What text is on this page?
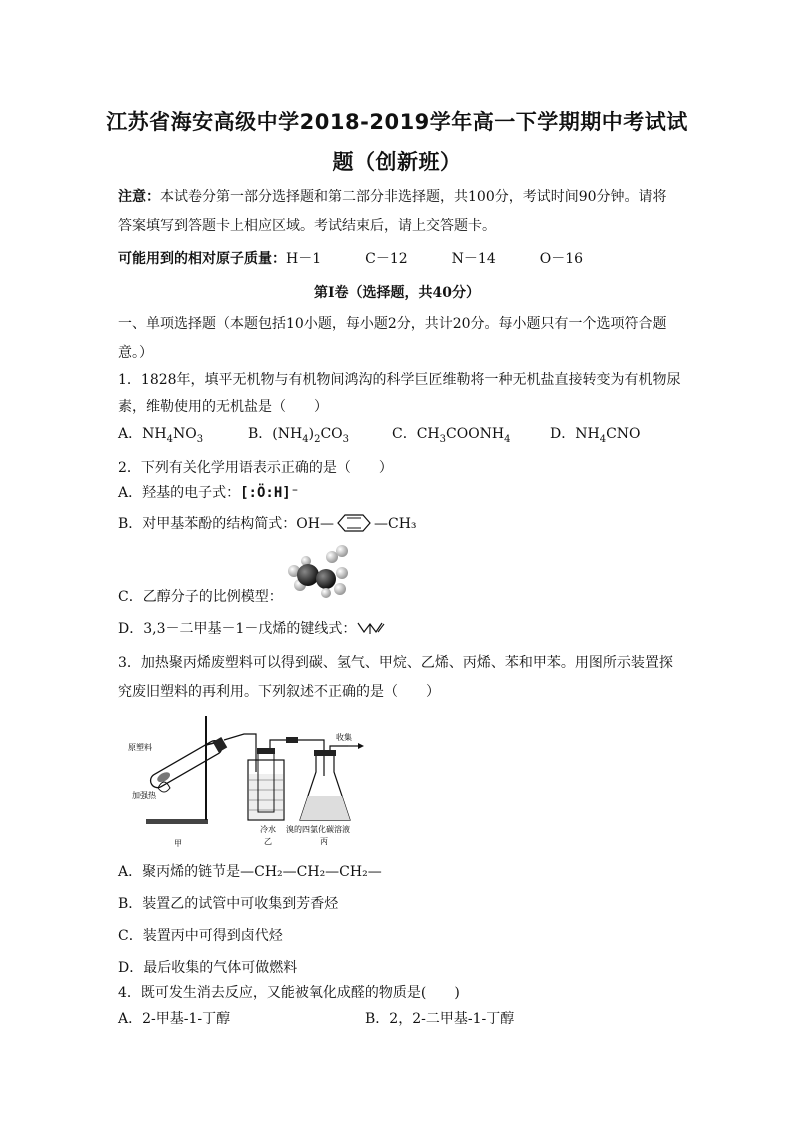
江苏省海安高级中学2018-2019学年高一下学期期中考试试
题（创新班）
注意：本试卷分第一部分选择题和第二部分非选择题，共100分，考试时间90分钟。请将
答案填写到答题卡上相应区域。考试结束后，请上交答题卡。
可能用到的相对原子质量：H－1	C－12	N－14	O－16
第Ⅰ卷（选择题，共40分）
一、单项选择题（本题包括10小题，每小题2分，共计20分。每小题只有一个选项符合题
意。）
1．1828年，填平无机物与有机物间鸿沟的科学巨匠维勒将一种无机盐直接转变为有机物尿
素，维勒使用的无机盐是（　　）
A．$NH_4NO_3$	B．$(NH_4)_2CO_3$	C．$CH_3COONH_4$	D．$NH_4CNO$
2．下列有关化学用语表示正确的是（　　）
A．羟基的电子式：[:Ö:H]⁻
B．对甲基苯酚的结构简式：OH—	—CH₃
C．乙醇分子的比例模型：
D．3,3－二甲基－1－戊烯的键线式：
3．加热聚丙烯废塑料可以得到碳、氢气、甲烷、乙烯、丙烯、苯和甲苯。用图所示装置探
究废旧塑料的再利用。下列叙述不正确的是（　　）
原塑料
加强热
甲
冷水
乙
溴的四氯化碳溶液
丙
收集
A．聚丙烯的链节是—CH₂—CH₂—CH₂—
B．装置乙的试管中可收集到芳香烃
C．装置丙中可得到卤代烃
D．最后收集的气体可做燃料
4．既可发生消去反应，又能被氧化成醛的物质是(　　)
A．2-甲基-1-丁醇	B．2，2-二甲基-1-丁醇
